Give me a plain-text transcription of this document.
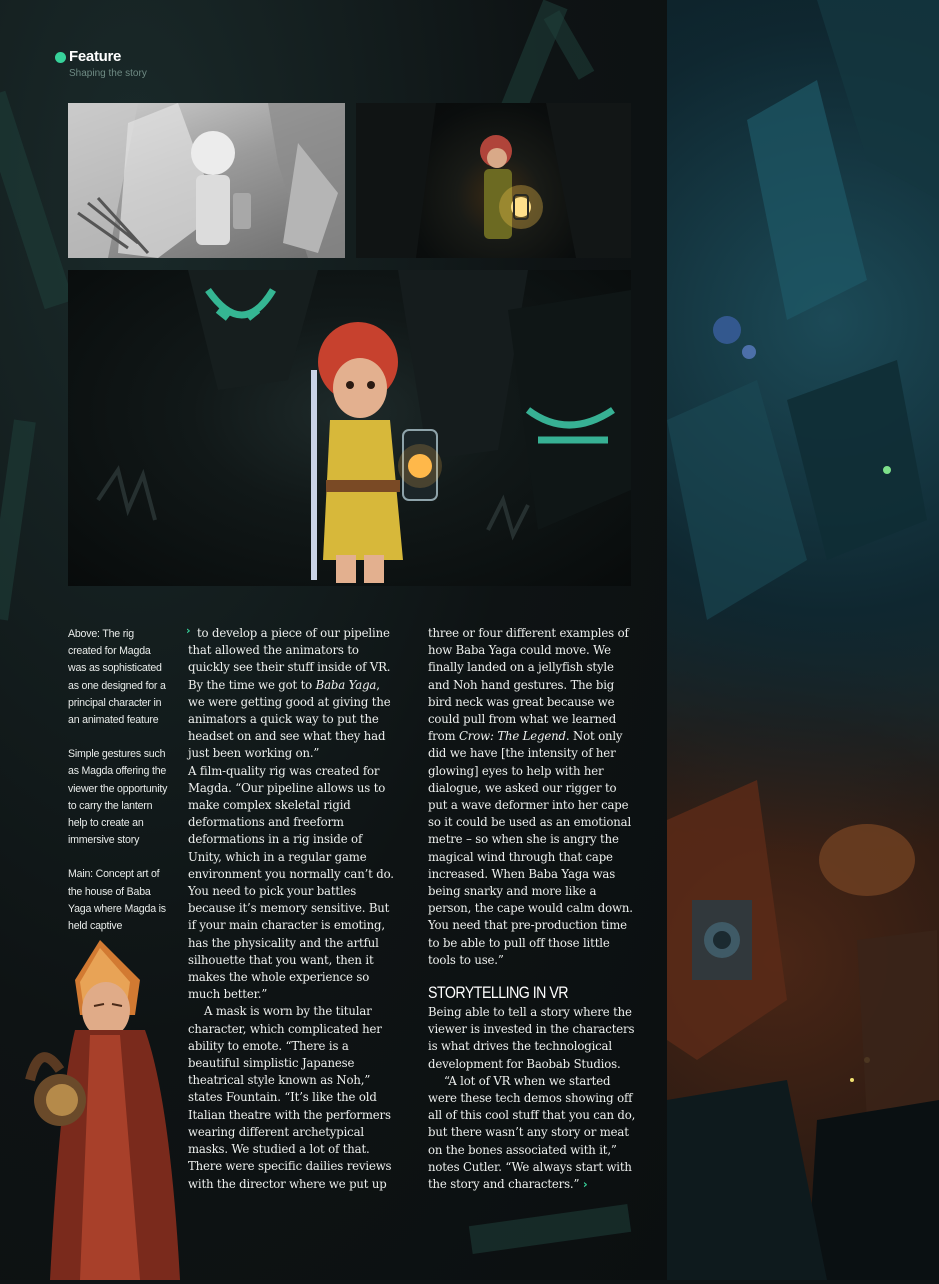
Feature
Shaping the story

Above: The rig created for Magda was as sophisticated as one designed for a principal character in an animated feature

Simple gestures such as Magda offering the viewer the opportunity to carry the lantern help to create an immersive story

Main: Concept art of the house of Baba Yaga where Magda is held captive

› to develop a piece of our pipeline that allowed the animators to quickly see their stuff inside of VR. By the time we got to Baba Yaga, we were getting good at giving the animators a quick way to put the headset on and see what they had just been working on.”

A film-quality rig was created for Magda. “Our pipeline allows us to make complex skeletal rigid deformations and freeform deformations in a rig inside of Unity, which in a regular game environment you normally can’t do. You need to pick your battles because it’s memory sensitive. But if your main character is emoting, has the physicality and the artful silhouette that you want, then it makes the whole experience so much better.”

A mask is worn by the titular character, which complicated her ability to emote. “There is a beautiful simplistic Japanese theatrical style known as Noh,” states Fountain. “It’s like the old Italian theatre with the performers wearing different archetypical masks. We studied a lot of that. There were specific dailies reviews with the director where we put up

three or four different examples of how Baba Yaga could move. We finally landed on a jellyfish style and Noh hand gestures. The big bird neck was great because we could pull from what we learned from Crow: The Legend. Not only did we have [the intensity of her glowing] eyes to help with her dialogue, we asked our rigger to put a wave deformer into her cape so it could be used as an emotional metre – so when she is angry the magical wind through that cape increased. When Baba Yaga was being snarky and more like a person, the cape would calm down. You need that pre-production time to be able to pull off those little tools to use.”

STORYTELLING IN VR

Being able to tell a story where the viewer is invested in the characters is what drives the technological development for Baobab Studios.

“A lot of VR when we started were these tech demos showing off all of this cool stuff that you can do, but there wasn’t any story or meat on the bones associated with it,” notes Cutler. “We always start with the story and characters.” ›
